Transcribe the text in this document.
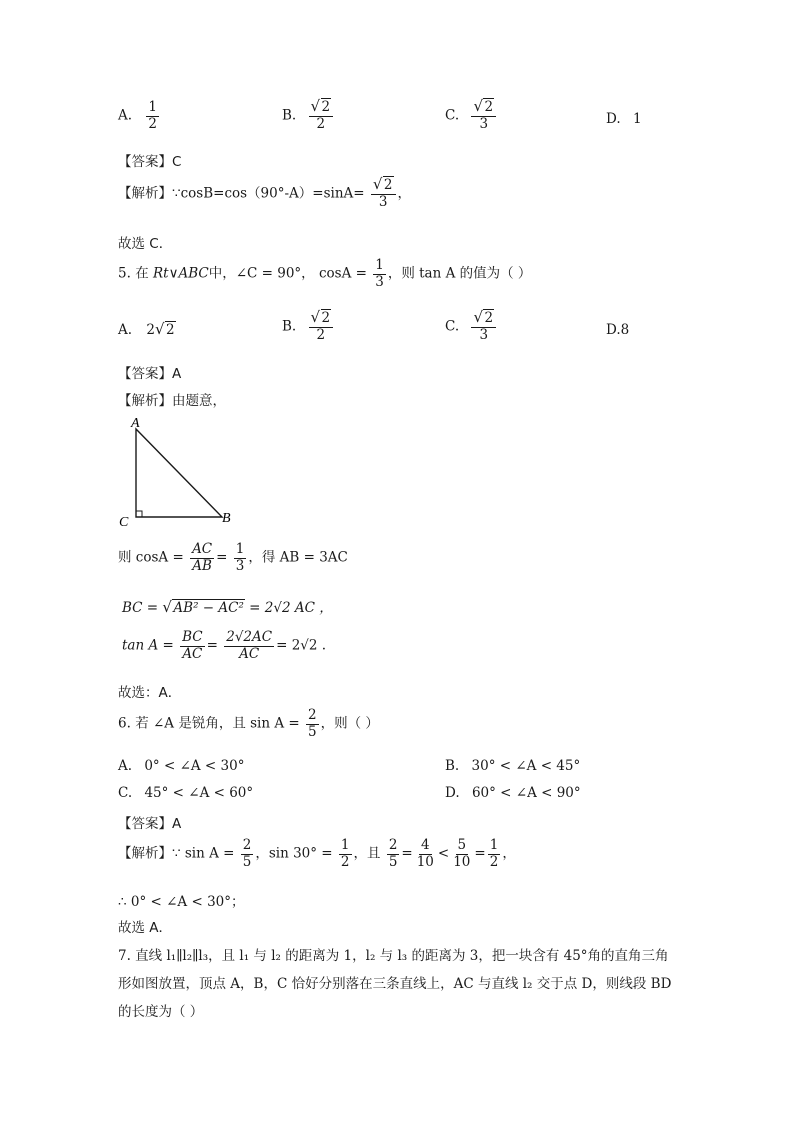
A. $\frac{1}{2}$	B. √ $\frac{2}{2}$	C. √ $\frac{2}{3}$	D. 1
【答案】C
【解析】∵cosB=cos（90°-A）=sinA= √ $\frac{2}{3}$ ，
故选 C．
5. 在 Rt∨ABC中，∠C = 90°， $\cos A = \frac{1}{3}$ ，则 tan A 的值为（ ）
A. 2 √ 2	B. √ $\frac{2}{2}$	C. √ $\frac{2}{3}$	D.8
【答案】A
【解析】由题意，
A
C	B
则 $\cos A = \frac{AC}{AB} = \frac{1}{3}$ ，得 AB = 3AC
BC = √ AB² − AC² = 2√2 AC ，
$\tan A = \frac{BC}{AC} = \frac{2√2AC}{AC} = 2√2$ .
故选：A．
6. 若 ∠A 是锐角，且 $\sin A = \frac{2}{5}$ ，则（ ）
A. 0° < ∠A < 30°	B. 30° < ∠A < 45°
C. 45° < ∠A < 60°	D. 60° < ∠A < 90°
【答案】A
【解析】∵ $\sin A = \frac{2}{5}$ ，$\sin 30^\circ = \frac{1}{2}$ ，且 $\frac{2}{5} = \frac{4}{10} < \frac{5}{10} = \frac{1}{2}$ ，
∴ 0° < ∠A < 30°；
故选 A．
7. 直线 l₁∥l₂∥l₃，且 l₁ 与 l₂ 的距离为 1，l₂ 与 l₃ 的距离为 3，把一块含有 45°角的直角三角
形如图放置，顶点 A，B，C 恰好分别落在三条直线上，AC 与直线 l₂ 交于点 D，则线段 BD
的长度为（ ）
